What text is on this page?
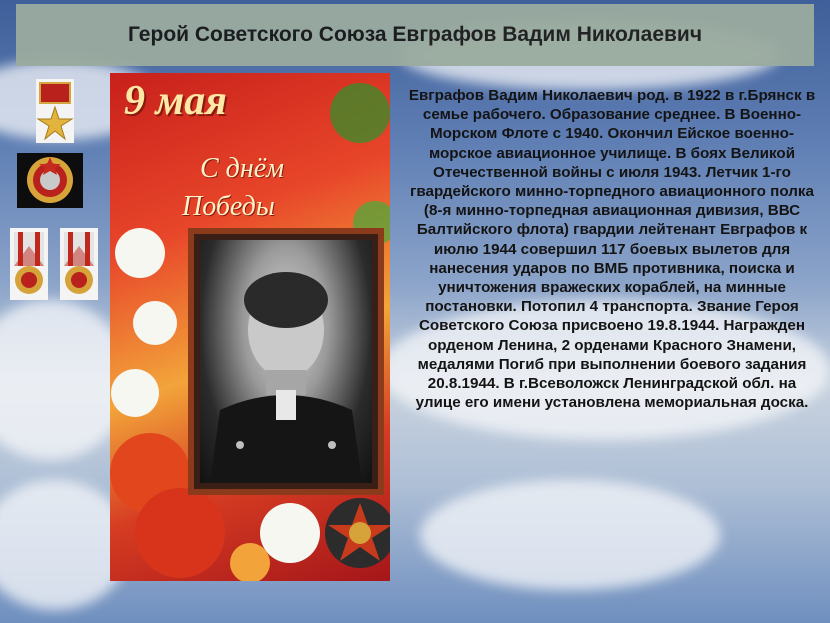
Герой Советского Союза Евграфов Вадим Николаевич
9 мая
С днём
Победы
Евграфов Вадим Николаевич род. в 1922 в г.Брянск в семье рабочего. Образование среднее. В Военно-Морском Флоте с 1940. Окончил Ейское военно-морское авиационное училище. В боях Великой Отечественной войны с июля 1943. Летчик 1-го гвардейского минно-торпедного авиационного полка (8-я минно-торпедная авиационная дивизия, ВВС Балтийского флота) гвардии лейтенант Евграфов к июлю 1944 совершил 117 боевых вылетов для нанесения ударов по ВМБ противника, поиска и уничтожения вражеских кораблей, на минные постановки. Потопил 4 транспорта. Звание Героя Советского Союза присвоено 19.8.1944. Награжден орденом Ленина, 2 орденами Красного Знамени, медалями Погиб при выполнении боевого задания 20.8.1944. В г.Всеволожск Ленинградской обл. на улице его имени установлена мемориальная доска.
